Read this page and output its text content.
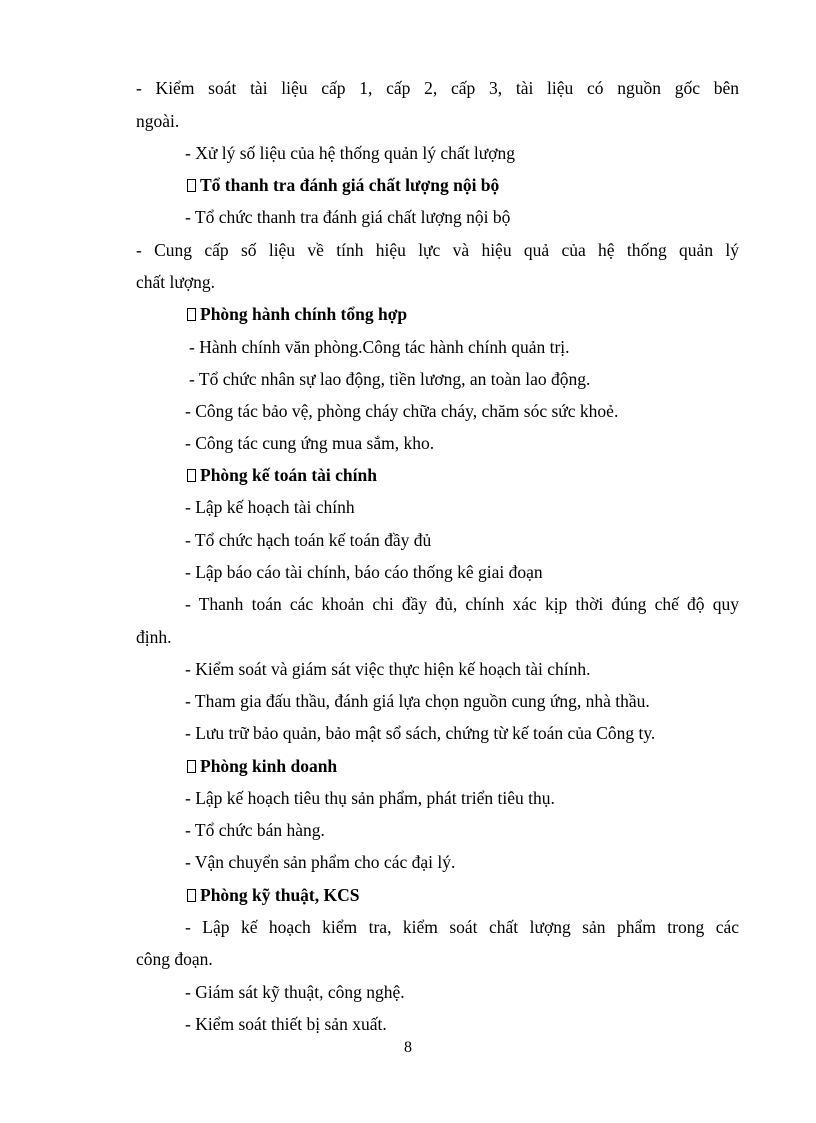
- Kiểm soát tài liệu cấp 1, cấp 2, cấp 3, tài liệu có nguồn gốc bên
ngoài.
- Xử lý số liệu của hệ thống quản lý chất lượng
Tổ thanh tra đánh giá chất lượng nội bộ
- Tổ chức thanh tra đánh giá chất lượng nội bộ
- Cung cấp số liệu về tính hiệu lực và hiệu quả của hệ thống quản lý
chất lượng.
Phòng hành chính tổng hợp
- Hành chính văn phòng.Công tác hành chính quản trị.
- Tổ chức nhân sự lao động, tiền lương, an toàn lao động.
- Công tác bảo vệ, phòng cháy chữa cháy, chăm sóc sức khoẻ.
- Công tác cung ứng mua sắm, kho.
Phòng kế toán tài chính
- Lập kế hoạch tài chính
- Tổ chức hạch toán kế toán đầy đủ
- Lập báo cáo tài chính, báo cáo thống kê giai đoạn
- Thanh toán các khoản chi đầy đủ, chính xác kịp thời đúng chế độ quy
định.
- Kiểm soát và giám sát việc thực hiện kế hoạch tài chính.
- Tham gia đấu thầu, đánh giá lựa chọn nguồn cung ứng, nhà thầu.
- Lưu trữ bảo quản, bảo mật sổ sách, chứng từ kế toán của Công ty.
Phòng kinh doanh
- Lập kế hoạch tiêu thụ sản phẩm, phát triển tiêu thụ.
- Tổ chức bán hàng.
- Vận chuyển sản phẩm cho các đại lý.
Phòng kỹ thuật, KCS
- Lập kế hoạch kiểm tra, kiểm soát chất lượng sản phẩm trong các
công đoạn.
- Giám sát kỹ thuật, công nghệ.
- Kiểm soát thiết bị sản xuất.
8
